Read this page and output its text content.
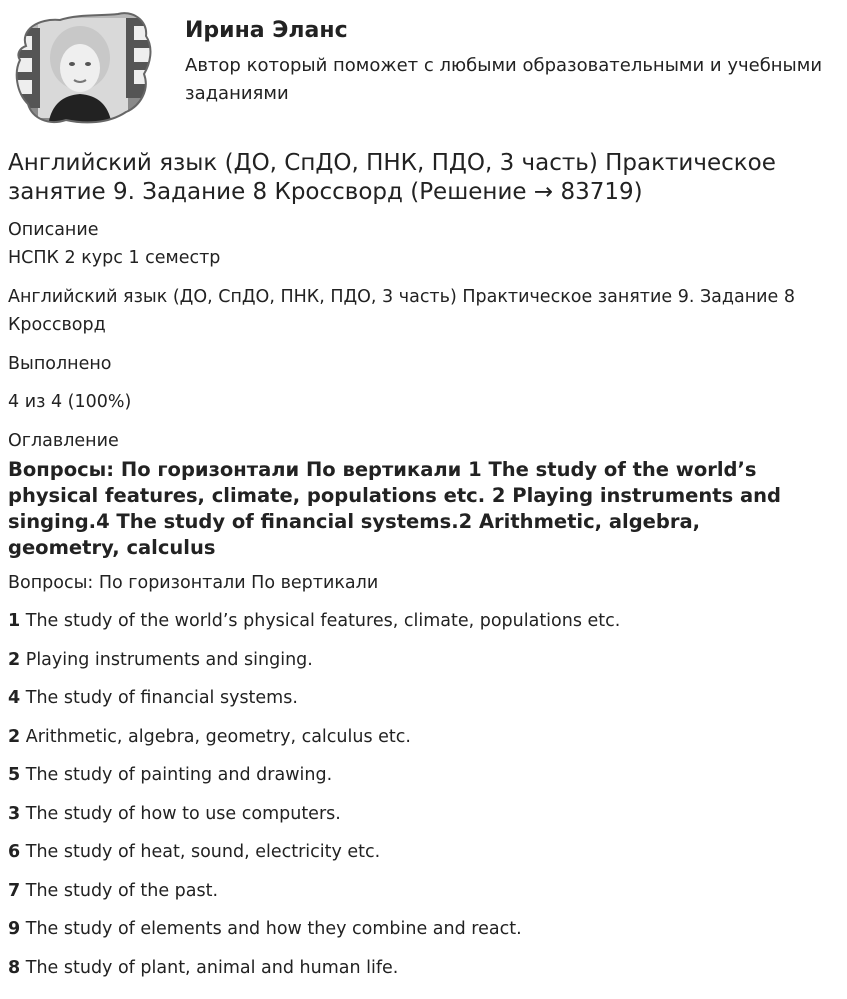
Ирина Эланс
Автор который поможет с любыми образовательными и учебными заданиями
Английский язык (ДО, СпДО, ПНК, ПДО, 3 часть) Практическое занятие 9. Задание 8 Кроссворд (Решение → 83719)
Описание
НСПК 2 курс 1 семестр
Английский язык (ДО, СпДО, ПНК, ПДО, 3 часть) Практическое занятие 9. Задание 8 Кроссворд
Выполнено
4 из 4 (100%)
Оглавление
Вопросы: По горизонтали По вертикали 1 The study of the world’s physical features, climate, populations etc. 2 Playing instruments and singing.4 The study of financial systems.2 Arithmetic, algebra, geometry, calculus
Вопросы: По горизонтали По вертикали
1 The study of the world’s physical features, climate, populations etc.
2 Playing instruments and singing.
4 The study of financial systems.
2 Arithmetic, algebra, geometry, calculus etc.
5 The study of painting and drawing.
3 The study of how to use computers.
6 The study of heat, sound, electricity etc.
7 The study of the past.
9 The study of elements and how they combine and react.
8 The study of plant, animal and human life.
